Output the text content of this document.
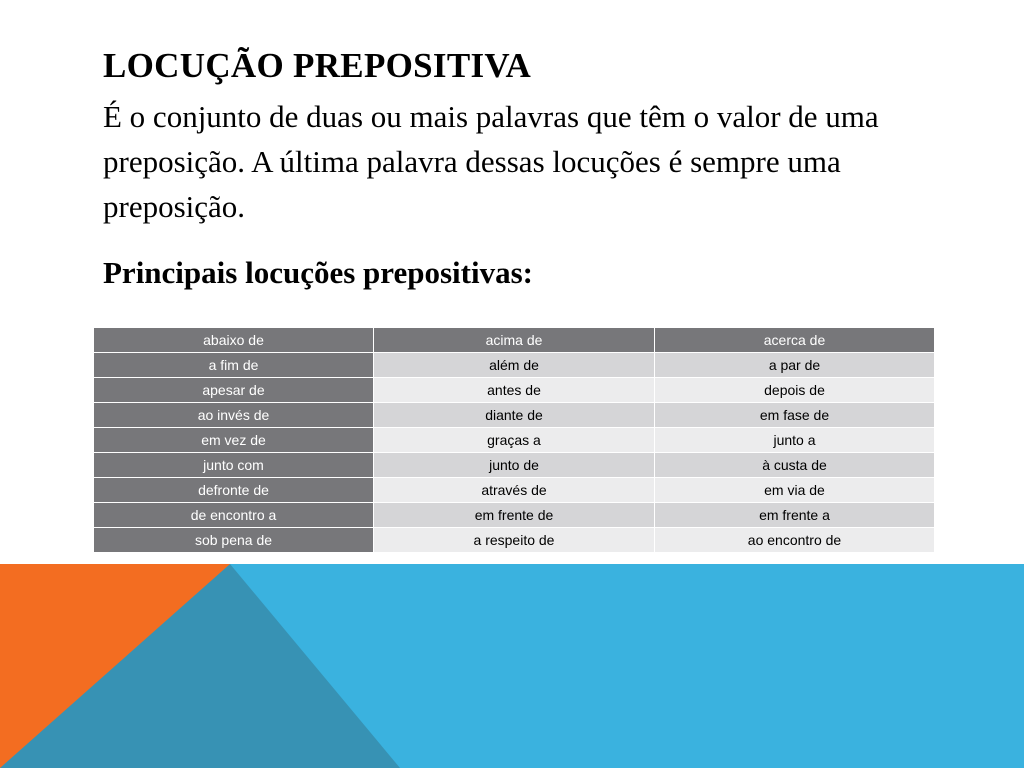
LOCUÇÃO PREPOSITIVA
É o conjunto de duas ou mais palavras que têm o valor de uma preposição. A última palavra dessas locuções é sempre uma preposição.
Principais locuções prepositivas:
abaixo de	acima de	acerca de
a fim de	além de	a par de
apesar de	antes de	depois de
ao invés de	diante de	em fase de
em vez de	graças a	junto a
junto com	junto de	à custa de
defronte de	através de	em via de
de encontro a	em frente de	em frente a
sob pena de	a respeito de	ao encontro de
